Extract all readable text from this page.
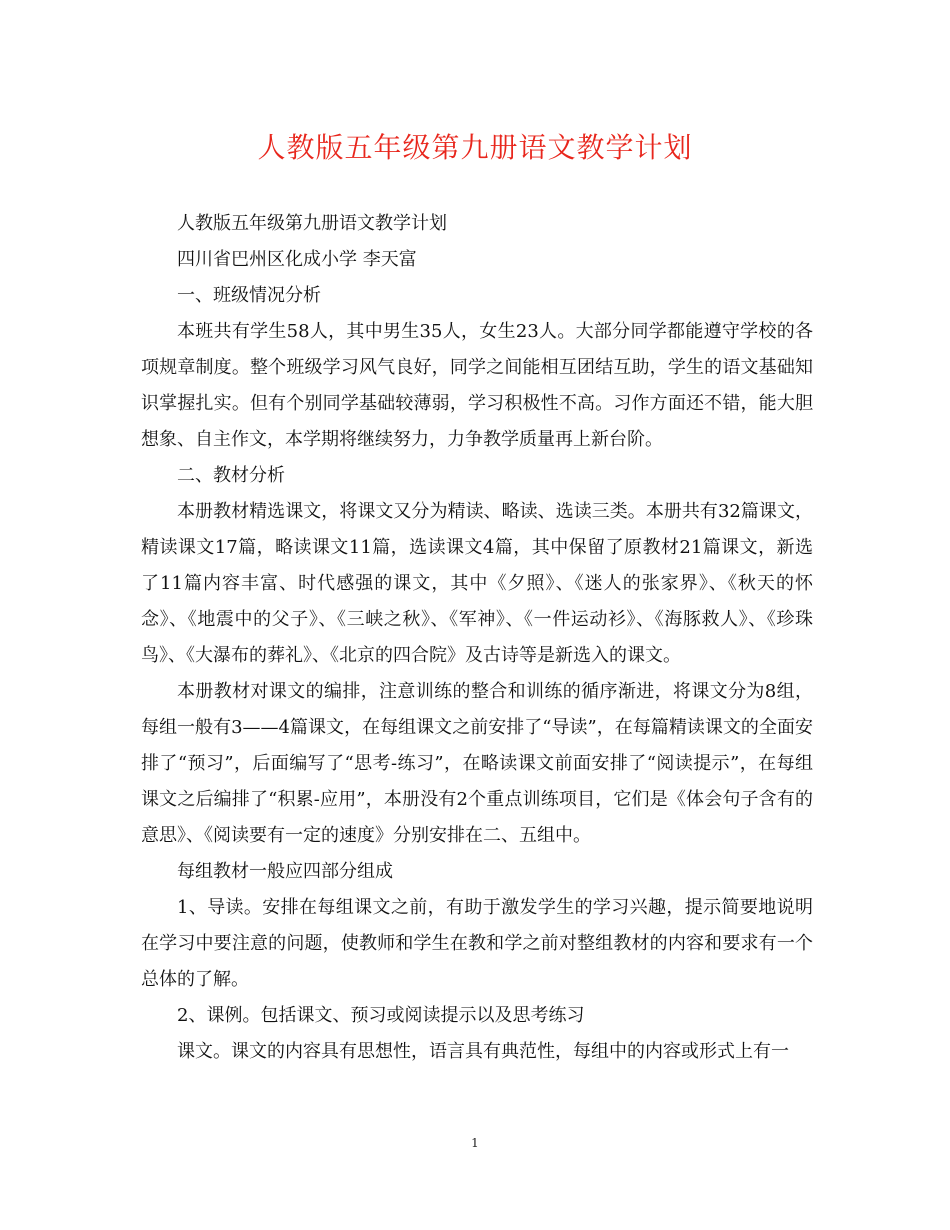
人教版五年级第九册语文教学计划

人教版五年级第九册语文教学计划

四川省巴州区化成小学 李天富

一、班级情况分析

本班共有学生58人，其中男生35人，女生23人。大部分同学都能遵守学校的各项规章制度。整个班级学习风气良好，同学之间能相互团结互助，学生的语文基础知识掌握扎实。但有个别同学基础较薄弱，学习积极性不高。习作方面还不错，能大胆想象、自主作文，本学期将继续努力，力争教学质量再上新台阶。

二、教材分析

本册教材精选课文，将课文又分为精读、略读、选读三类。本册共有32篇课文，精读课文17篇，略读课文11篇，选读课文4篇，其中保留了原教材21篇课文，新选了11篇内容丰富、时代感强的课文，其中《夕照》、《迷人的张家界》、《秋天的怀念》、《地震中的父子》、《三峡之秋》、《军神》、《一件运动衫》、《海豚救人》、《珍珠鸟》、《大瀑布的葬礼》、《北京的四合院》及古诗等是新选入的课文。

本册教材对课文的编排，注意训练的整合和训练的循序渐进，将课文分为8组，每组一般有3——4篇课文，在每组课文之前安排了“导读”，在每篇精读课文的全面安排了“预习”，后面编写了“思考-练习”，在略读课文前面安排了“阅读提示”，在每组课文之后编排了“积累-应用”，本册没有2个重点训练项目，它们是《体会句子含有的意思》、《阅读要有一定的速度》分别安排在二、五组中。

每组教材一般应四部分组成

1、导读。安排在每组课文之前，有助于激发学生的学习兴趣，提示简要地说明在学习中要注意的问题，使教师和学生在教和学之前对整组教材的内容和要求有一个总体的了解。

2、课例。包括课文、预习或阅读提示以及思考练习

课文。课文的内容具有思想性，语言具有典范性，每组中的内容或形式上有一

1
